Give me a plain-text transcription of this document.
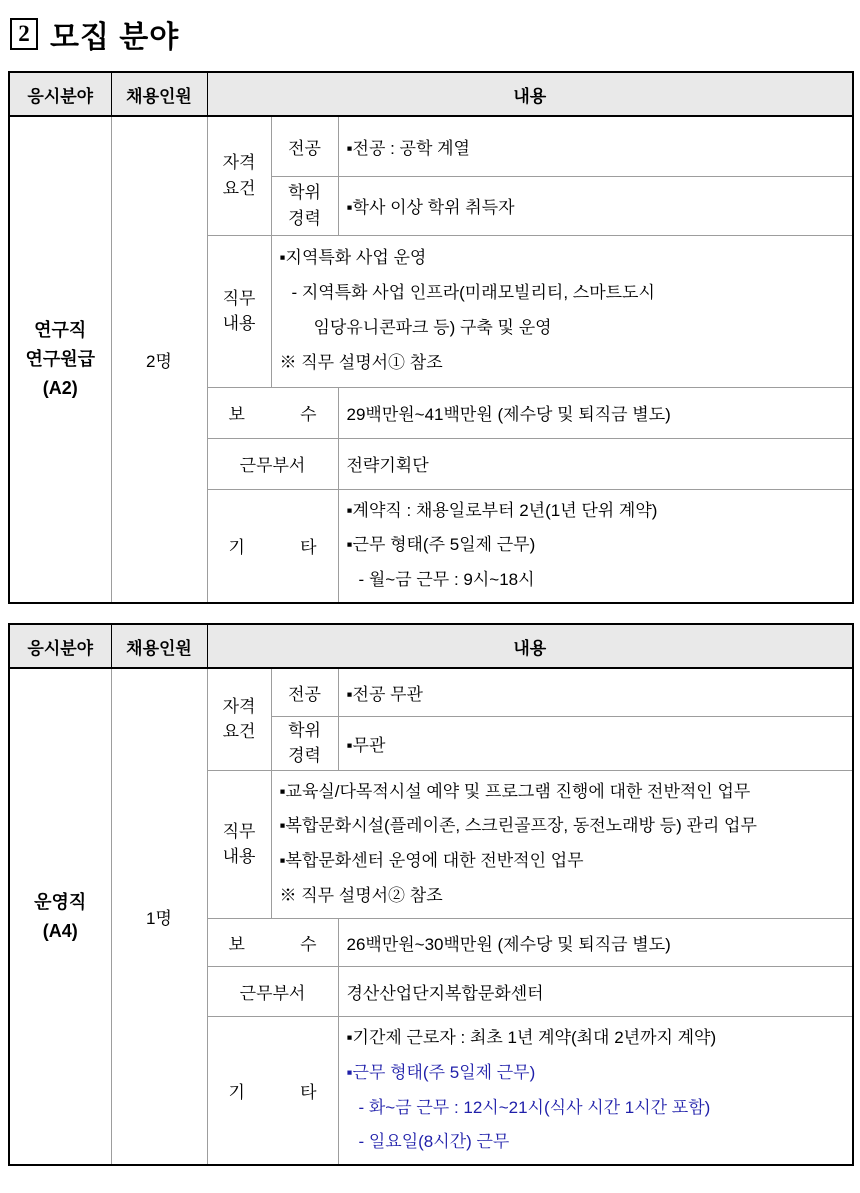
2 모집 분야
응시분야	채용인원	내용		

연구직
연구원급
(A2)	2명	자격요건	전공	▪전공 : 공학 계열

			학위경력	▪학사 이상 학위 취득자

		직무내용	▪지역특화 사업 운영
- 지역특화 사업 인프라(미래모빌리티, 스마트도시
임당유니콘파크 등) 구축 및 운영
※ 직무 설명서① 참조	

		보 수		29백만원~41백만원 (제수당 및 퇴직금 별도)

		근무부서		전략기획단

		기 타		▪계약직 : 채용일로부터 2년(1년 단위 계약)
▪근무 형태(주 5일제 근무)
- 월~금 근무 : 9시~18시
응시분야	채용인원	내용		

운영직
(A4)	1명	자격요건	전공	▪전공 무관

			학위경력	▪무관

		직무내용	▪교육실/다목적시설 예약 및 프로그램 진행에 대한 전반적인 업무
▪복합문화시설(플레이존, 스크린골프장, 동전노래방 등) 관리 업무
▪복합문화센터 운영에 대한 전반적인 업무
※ 직무 설명서② 참조	

		보 수		26백만원~30백만원 (제수당 및 퇴직금 별도)

		근무부서		경산산업단지복합문화센터

		기 타		▪기간제 근로자 : 최초 1년 계약(최대 2년까지 계약)
▪근무 형태(주 5일제 근무)
- 화~금 근무 : 12시~21시(식사 시간 1시간 포함)
- 일요일(8시간) 근무
